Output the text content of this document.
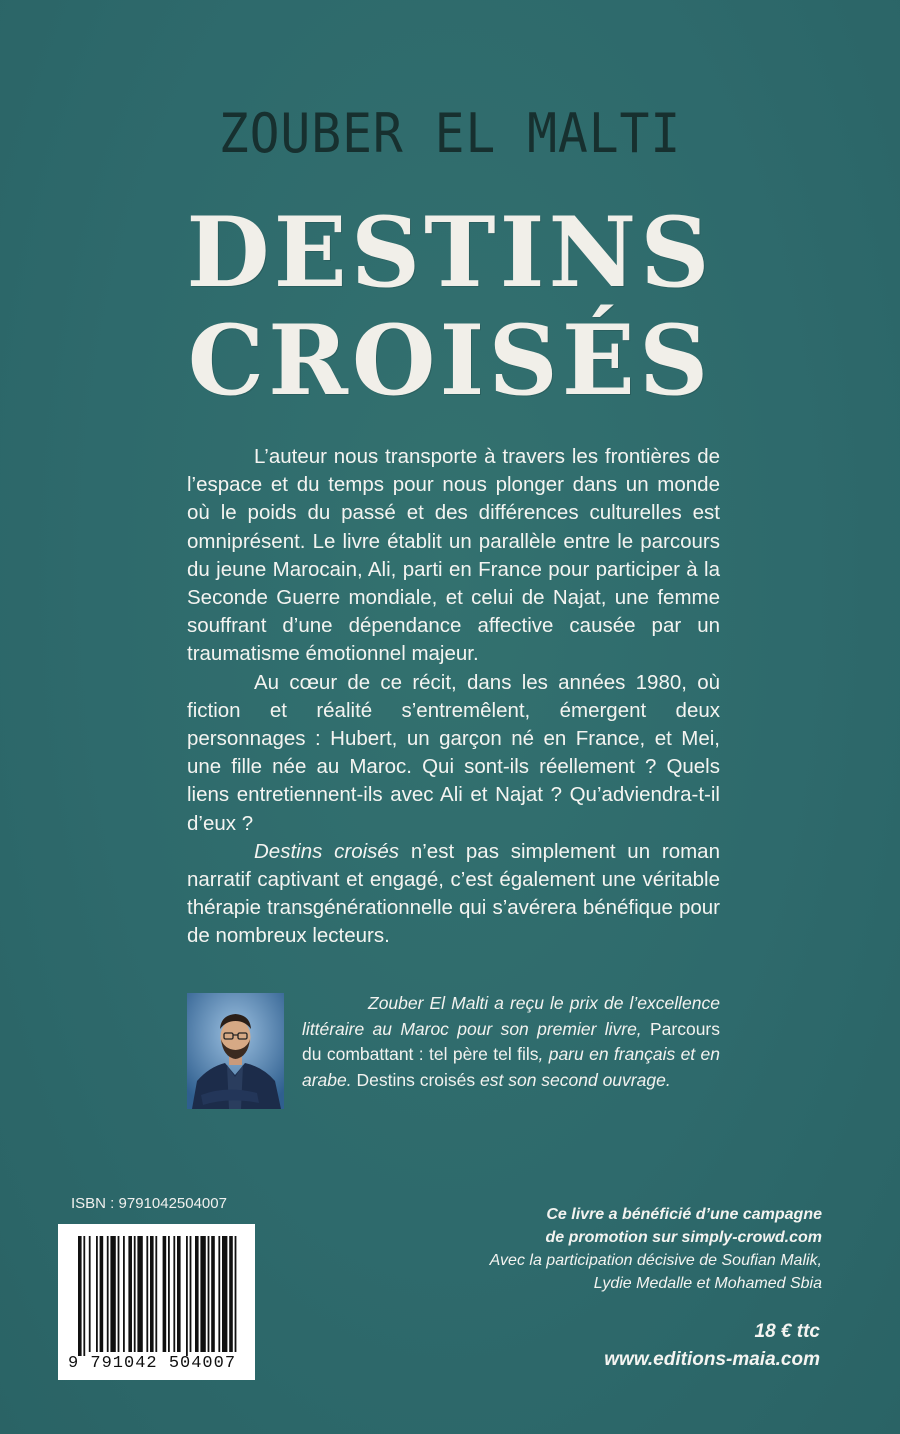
ZOUBER EL MALTI
DESTINS
CROISÉS

L’auteur nous transporte à travers les frontières de l’espace et du temps pour nous plonger dans un monde où le poids du passé et des différences culturelles est omniprésent. Le livre établit un parallèle entre le parcours du jeune Marocain, Ali, parti en France pour participer à la Seconde Guerre mondiale, et celui de Najat, une femme souffrant d’une dépendance affective causée par un traumatisme émotionnel majeur.

Au cœur de ce récit, dans les années 1980, où fiction et réalité s’entremêlent, émergent deux personnages : Hubert, un garçon né en France, et Mei, une fille née au Maroc. Qui sont-ils réellement ? Quels liens entretiennent-ils avec Ali et Najat ? Qu’adviendra-t-il d’eux ?

Destins croisés n’est pas simplement un roman narratif captivant et engagé, c’est également une véritable thérapie transgénérationnelle qui s’avérera bénéfique pour de nombreux lecteurs.

Zouber El Malti a reçu le prix de l’excellence littéraire au Maroc pour son premier livre, Parcours du combattant : tel père tel fils, paru en français et en arabe. Destins croisés est son second ouvrage.
ISBN : 9791042504007
9 791042 504007
Ce livre a bénéficié d’une campagne
de promotion sur simply-crowd.com
Avec la participation décisive de Soufian Malik,
Lydie Medalle et Mohamed Sbia
18 € ttc
www.editions-maia.com
